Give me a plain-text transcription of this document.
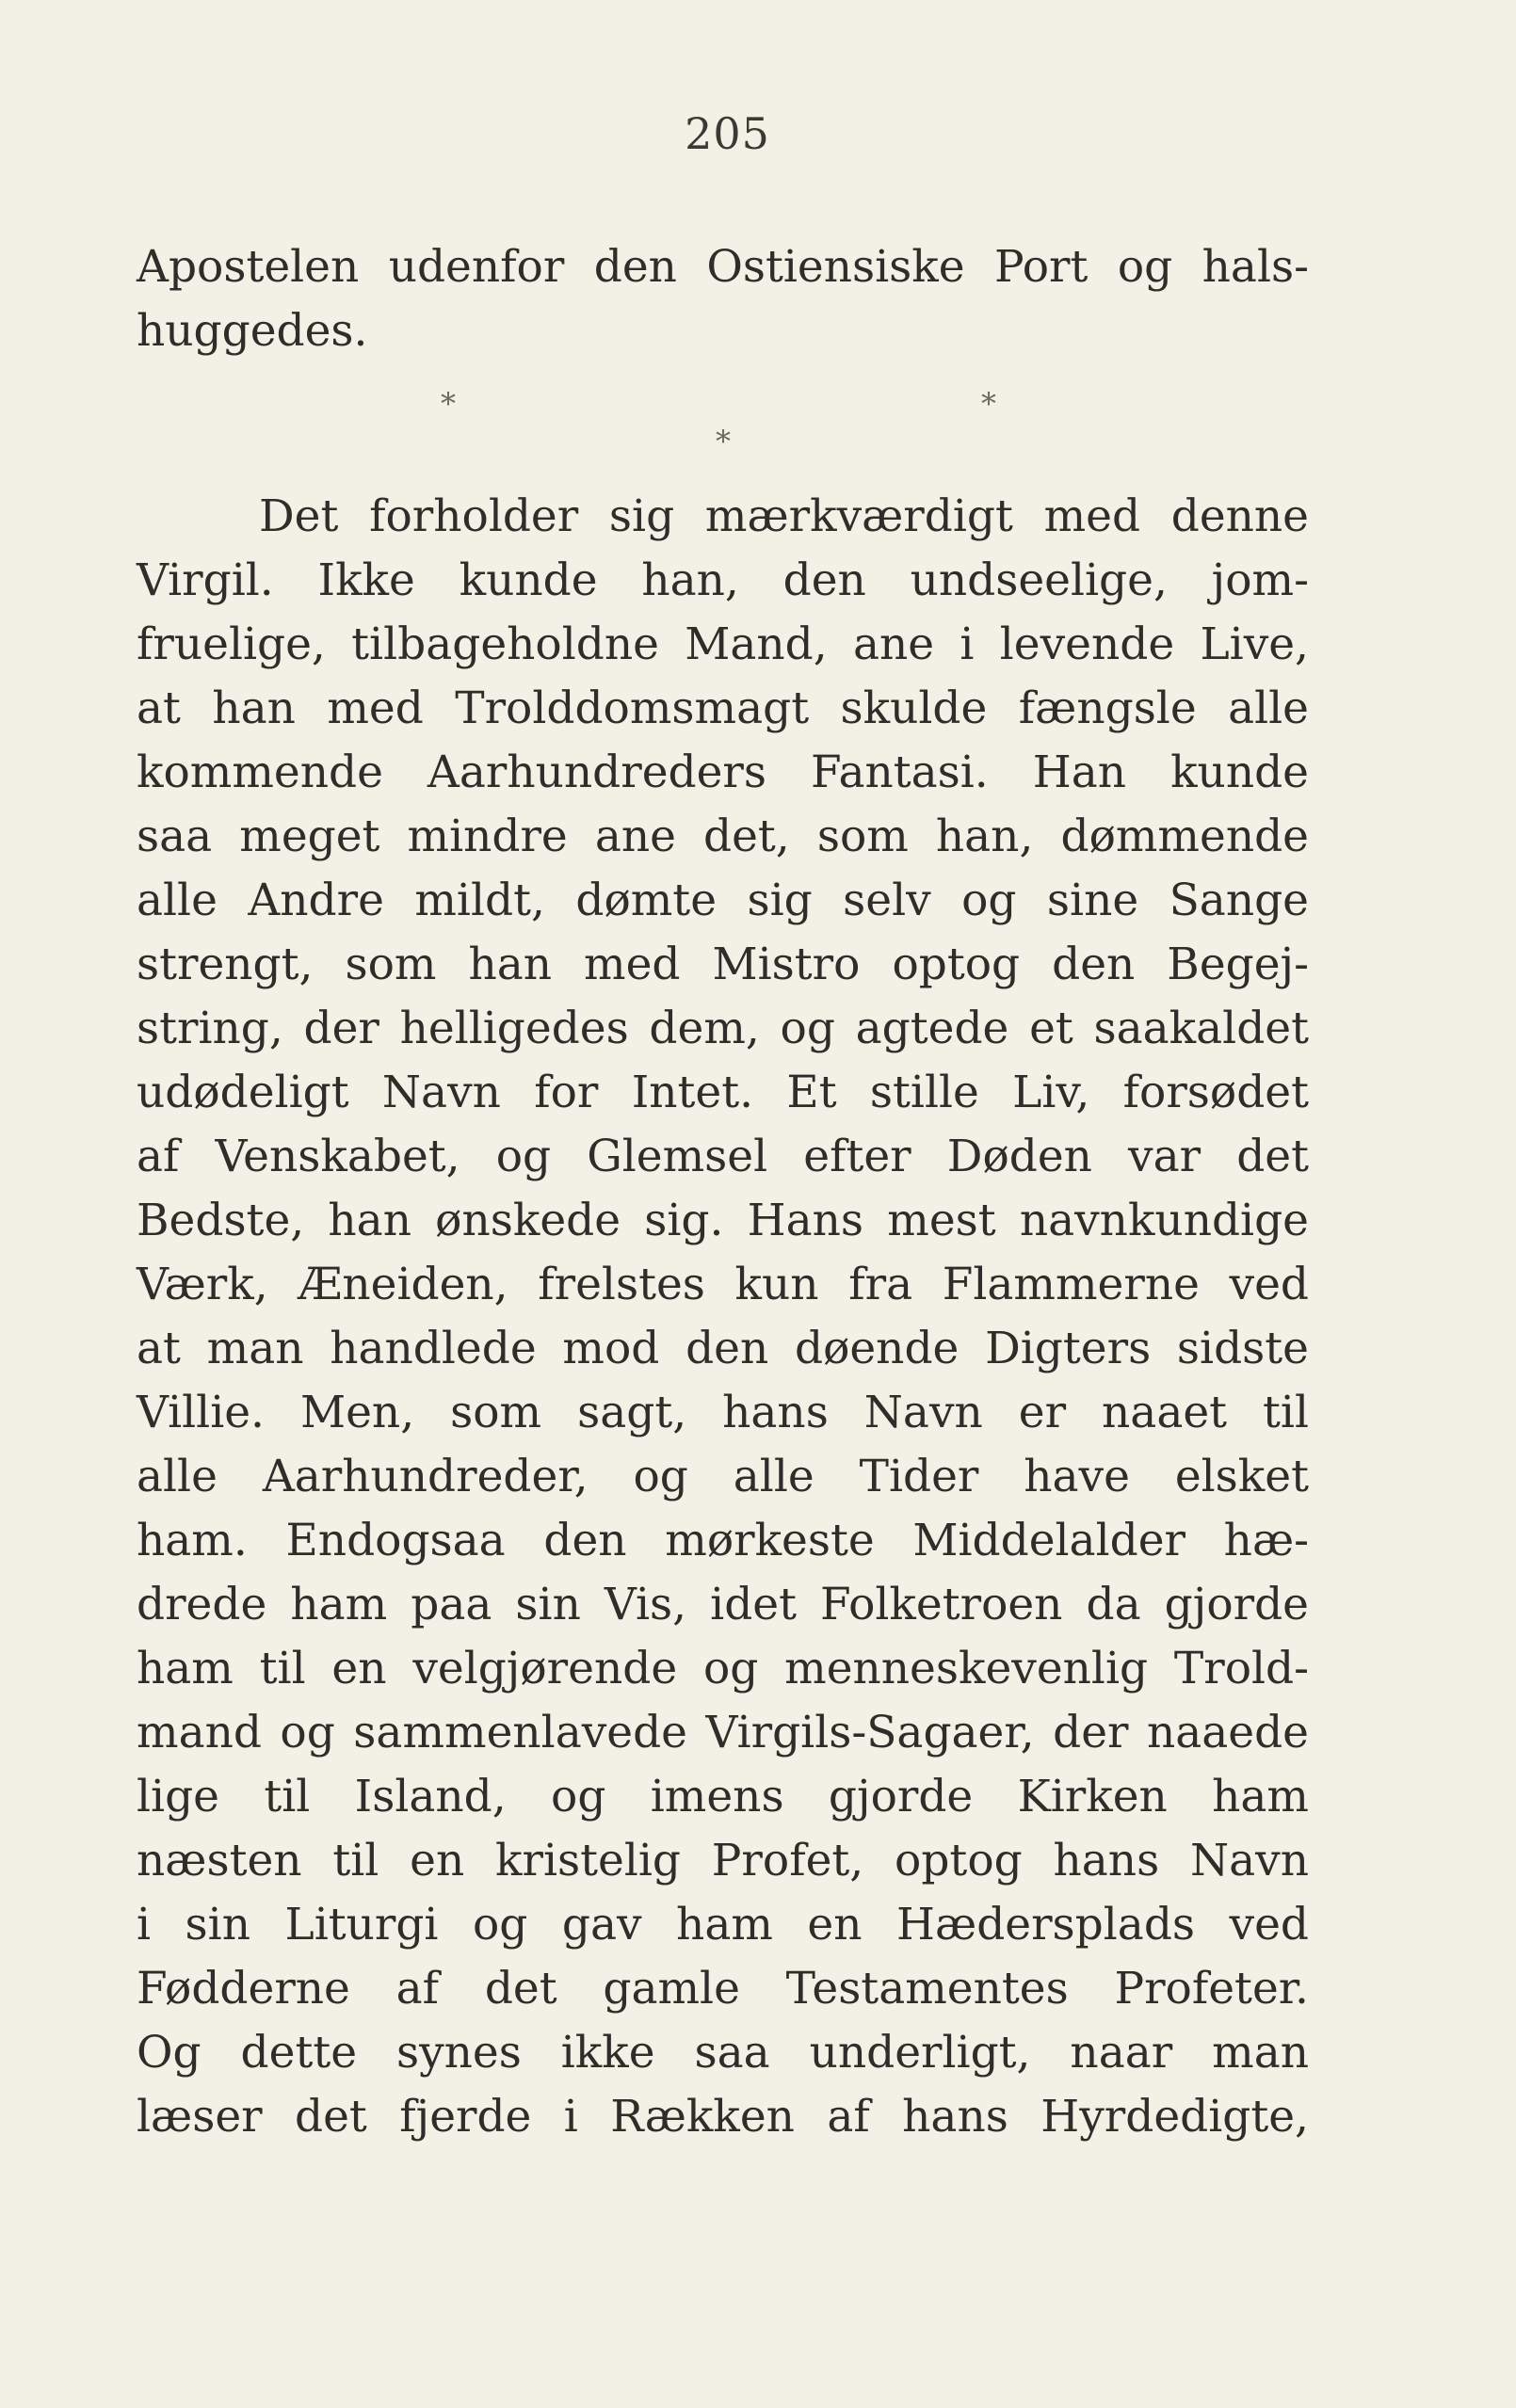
205
Apostelen udenfor den Ostiensiske Port og hals-
huggedes.
*	*
*
Det forholder sig mærkværdigt med denne
Virgil. Ikke kunde han, den undseelige, jom-
fruelige, tilbageholdne Mand, ane i levende Live,
at han med Trolddomsmagt skulde fængsle alle
kommende Aarhundreders Fantasi. Han kunde
saa meget mindre ane det, som han, dømmende
alle Andre mildt, dømte sig selv og sine Sange
strengt, som han med Mistro optog den Begej-
string, der helligedes dem, og agtede et saakaldet
udødeligt Navn for Intet. Et stille Liv, forsødet
af Venskabet, og Glemsel efter Døden var det
Bedste, han ønskede sig. Hans mest navnkundige
Værk, Æneiden, frelstes kun fra Flammerne ved
at man handlede mod den døende Digters sidste
Villie. Men, som sagt, hans Navn er naaet til
alle Aarhundreder, og alle Tider have elsket
ham. Endogsaa den mørkeste Middelalder hæ-
drede ham paa sin Vis, idet Folketroen da gjorde
ham til en velgjørende og menneskevenlig Trold-
mand og sammenlavede Virgils-Sagaer, der naaede
lige til Island, og imens gjorde Kirken ham
næsten til en kristelig Profet, optog hans Navn
i sin Liturgi og gav ham en Hædersplads ved
Fødderne af det gamle Testamentes Profeter.
Og dette synes ikke saa underligt, naar man
læser det fjerde i Rækken af hans Hyrdedigte,
